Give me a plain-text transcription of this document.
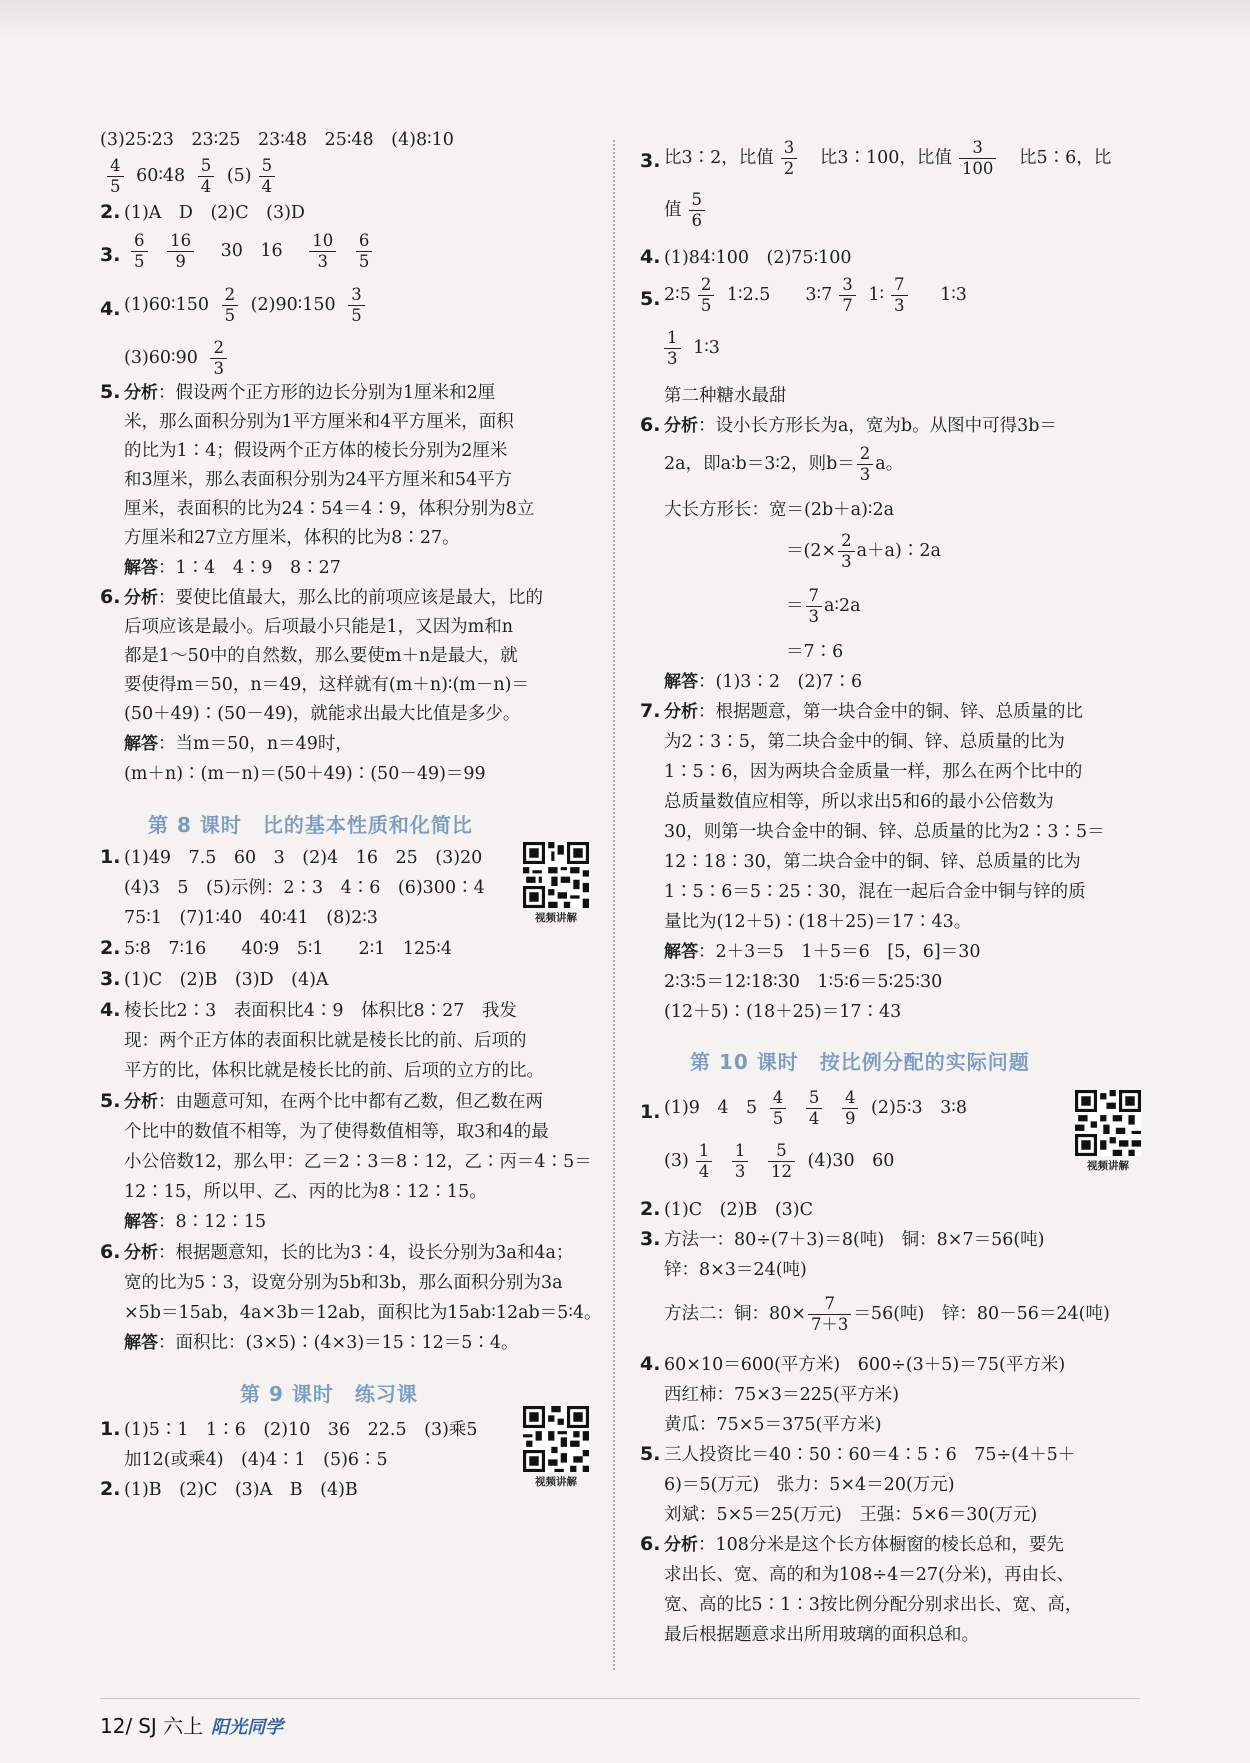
(3)25∶23　23∶25　23∶48　25∶48　(4)8∶10
$\frac{4}{5}$ 60∶48 $\frac{5}{4} (5) \frac{5}{4}$
2. (1)A　D　(2)C　(3)D
3. $\frac{6}{5}$
$\frac{16}{9} 30$　$16 \frac{10}{3}$
$\frac{6}{5}$
4. (1)60∶150 $\frac{2}{5}$ (2)90∶150 $\frac{3}{5}$
(3)60∶90 $\frac{2}{3}$
5. 分析：假设两个正方形的边长分别为1厘米和2厘
米，那么面积分别为1平方厘米和4平方厘米，面积
的比为1∶4；假设两个正方体的棱长分别为2厘米
和3厘米，那么表面积分别为24平方厘米和54平方
厘米，表面积的比为24∶54＝4∶9，体积分别为8立
方厘米和27立方厘米，体积的比为8∶27。
解答：1∶4　4∶9　8∶27
6. 分析：要使比值最大，那么比的前项应该是最大，比的
后项应该是最小。后项最小只能是1，又因为m和n
都是1～50中的自然数，那么要使m＋n是最大，就
要使得m＝50，n＝49，这样就有(m＋n)∶(m－n)＝
(50＋49)∶(50－49)，就能求出最大比值是多少。
解答：当m＝50，n＝49时，
(m＋n)∶(m－n)＝(50＋49)∶(50－49)＝99
第 8 课时　比的基本性质和化简比
1. (1)49　7.5　60　3　(2)4　16　25　(3)20
(4)3　5　(5)示例：2∶3　4∶6　(6)300∶4
75∶1　(7)1∶40　40∶41　(8)2∶3
2. 5∶8　7∶16　　40∶9　5∶1　　2∶1　125∶4
3. (1)C　(2)B　(3)D　(4)A
4. 棱长比2∶3　表面积比4∶9　体积比8∶27　我发
现：两个正方体的表面积比就是棱长比的前、后项的
平方的比，体积比就是棱长比的前、后项的立方的比。
5. 分析：由题意可知，在两个比中都有乙数，但乙数在两
个比中的数值不相等，为了使得数值相等，取3和4的最
小公倍数12，那么甲：乙＝2∶3＝8∶12，乙∶丙＝4∶5＝
12∶15，所以甲、乙、丙的比为8∶12∶15。
解答：8∶12∶15
6. 分析：根据题意知，长的比为3∶4，设长分别为3a和4a；
宽的比为5∶3，设宽分别为5b和3b，那么面积分别为3a
×5b＝15ab，4a×3b＝12ab，面积比为15ab∶12ab＝5∶4。
解答：面积比：(3×5)∶(4×3)＝15∶12＝5∶4。
第 9 课时　练习课
1. (1)5∶1　1∶6　(2)10　36　22.5　(3)乘5
加12(或乘4)　(4)4∶1　(5)6∶5
2. (1)B　(2)C　(3)A　B　(4)B
视频讲解
视频讲解
视频讲解
3. 比3∶2，比值 $\frac{3}{2}$ 比3∶100，比值 $\frac{3}{100}$ 比5∶6，比
值 $\frac{5}{6}$
4. (1)84∶100　(2)75∶100
5. 2∶5 $\frac{2}{5}$ 1∶2.5　　3∶7 $\frac{3}{7}$ 1∶ $\frac{7}{3}$ 1∶3
$\frac{1}{3}$ 1∶3
第二种糖水最甜
6. 分析：设小长方形长为a，宽为b。从图中可得3b＝
2a，即a∶b＝3∶2，则$b= \frac{2}{3}$ a。
大长方形长：宽＝(2b＋a)∶2a
$=(2\times \frac{2}{3}$ a＋a)∶2a
＝ $\frac{7}{3}$ a∶2a
＝7∶6
解答：(1)3∶2　(2)7∶6
7. 分析：根据题意，第一块合金中的铜、锌、总质量的比
为2∶3∶5，第二块合金中的铜、锌、总质量的比为
1∶5∶6，因为两块合金质量一样，那么在两个比中的
总质量数值应相等，所以求出5和6的最小公倍数为
30，则第一块合金中的铜、锌、总质量的比为2∶3∶5＝
12∶18∶30，第二块合金中的铜、锌、总质量的比为
1∶5∶6＝5∶25∶30，混在一起后合金中铜与锌的质
量比为(12＋5)∶(18＋25)＝17∶43。
解答：2＋3＝5　1＋5＝6　[5，6]＝30
2∶3∶5＝12∶18∶30　1∶5∶6＝5∶25∶30
(12＋5)∶(18＋25)＝17∶43
第 10 课时　按比例分配的实际问题
1. (1)9　4　$5 \frac{4}{5}$
$\frac{5}{4}$
$\frac{4}{9}$ (2)5∶3　3∶8
$(3) \frac{1}{4}$
$\frac{1}{3}$
$\frac{5}{12} (4)30$　60
2. (1)C　(2)B　(3)C
3. 方法一：80÷(7＋3)＝8(吨)　铜：8×7＝56(吨)
锌：8×3＝24(吨)
方法二：铜：$80\times \frac{7}{7+3} =56$(吨)　锌：80－56＝24(吨)
4. 60×10＝600(平方米)　600÷(3＋5)＝75(平方米)
西红柿：75×3＝225(平方米)
黄瓜：75×5＝375(平方米)
5. 三人投资比＝40∶50∶60＝4∶5∶6　75÷(4＋5＋
6)＝5(万元)　张力：5×4＝20(万元)
刘斌：5×5＝25(万元)　王强：5×6＝30(万元)
6. 分析：108分米是这个长方体橱窗的棱长总和，要先
求出长、宽、高的和为108÷4＝27(分米)，再由长、
宽、高的比5∶1∶3按比例分配分别求出长、宽、高，
最后根据题意求出所用玻璃的面积总和。
12/ SJ 六上 阳光同学
